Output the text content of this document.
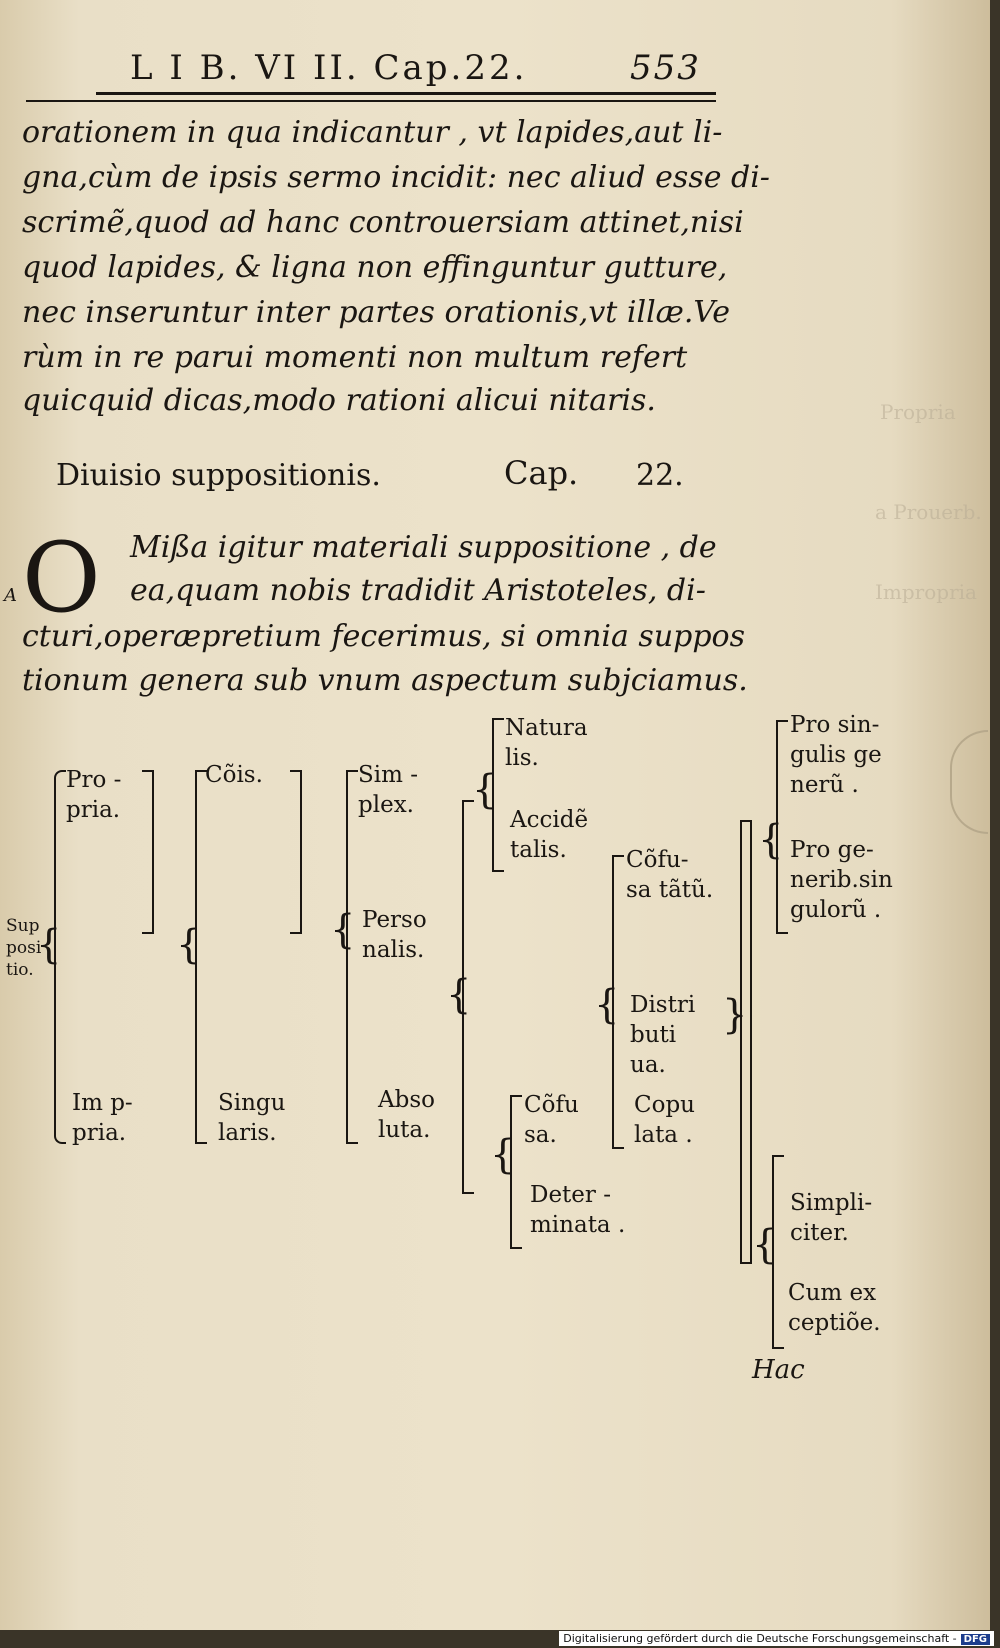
Propria
a Prouerb.
Impropria
L I B. VI II. Cap.22.	553
orationem in qua indicantur , vt lapides,aut li-
gna,cùm de ipsis sermo incidit: nec aliud esse di-
scrimẽ,quod ad hanc controuersiam attinet,nisi
quod lapides, & ligna non effinguntur gutture,
nec inseruntur inter partes orationis,vt illæ.Ve
rùm in re parui momenti non multum refert
quicquid dicas,modo rationi alicui nitaris.
Diuisio suppositionis.	Cap. 22.
O
A
Mißa igitur materiali suppositione , de
ea,quam nobis tradidit Aristoteles, di-
cturi,operæpretium fecerimus, si omnia suppos
tionum genera sub vnum aspectum subjciamus.
Sup
posi
tio.
{
Pro -
pria.
Im p-
pria.
Cõis.
Singu
laris.
{
Sim -
plex.
Perso
nalis.
Abso
luta.
{
Natura
lis.
Accidẽ
talis.
{
{
Cõfu
sa.
Deter -
minata .
{
Cõfu-
sa tãtũ.
Distri
buti
ua.
Copu
lata .
{	}
Pro sin-
gulis ge
nerũ .
Pro ge-
nerib.sin
gulorũ .
{
Simpli-
citer.
Cum ex
ceptiõe.
{
Hac
Digitalisierung gefördert durch die Deutsche Forschungsgemeinschaft - DFG
